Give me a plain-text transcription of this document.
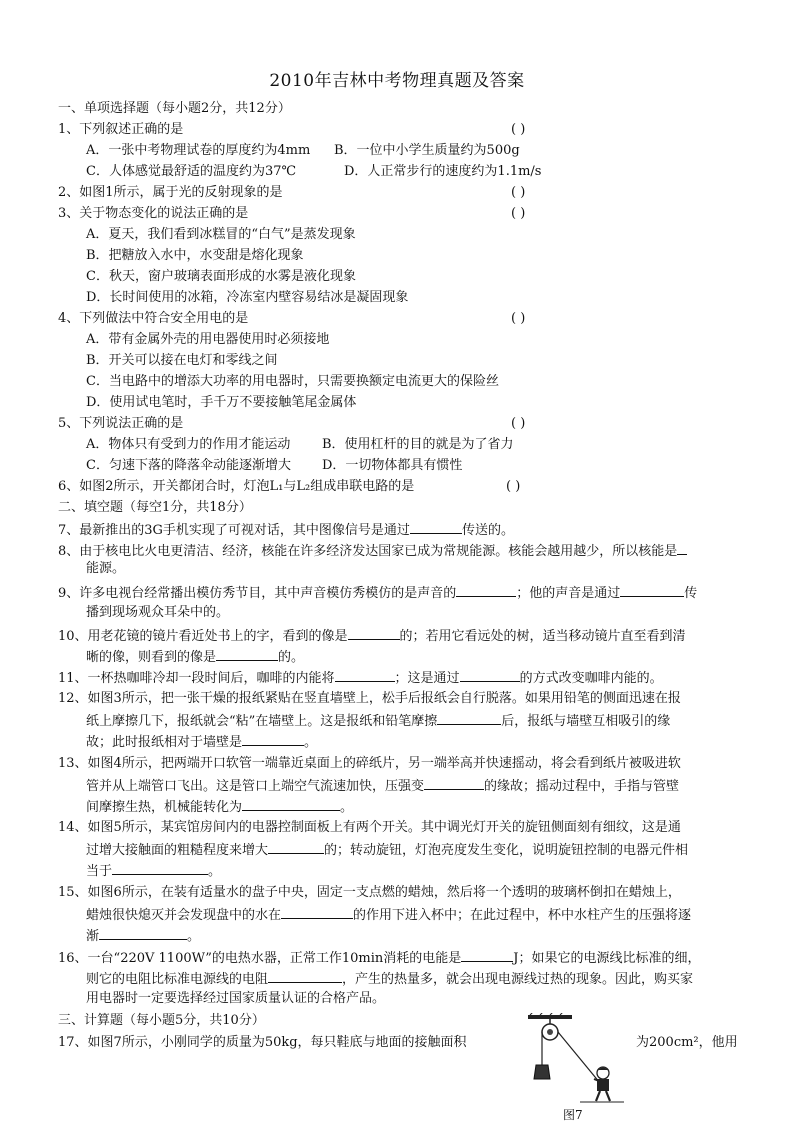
2010年吉林中考物理真题及答案
一、单项选择题（每小题2分，共12分）
1、下列叙述正确的是	( )
A．一张中考物理试卷的厚度约为4mm B．一位中小学生质量约为500g
C．人体感觉最舒适的温度约为37℃	D．人正常步行的速度约为1.1m/s
2、如图1所示，属于光的反射现象的是	( )
3、关于物态变化的说法正确的是	( )
A．夏天，我们看到冰糕冒的“白气”是蒸发现象
B．把糖放入水中，水变甜是熔化现象
C．秋天，窗户玻璃表面形成的水雾是液化现象
D．长时间使用的冰箱，冷冻室内壁容易结冰是凝固现象
4、下列做法中符合安全用电的是	( )
A．带有金属外壳的用电器使用时必须接地
B．开关可以接在电灯和零线之间
C．当电路中的增添大功率的用电器时，只需要换额定电流更大的保险丝
D．使用试电笔时，手千万不要接触笔尾金属体
5、下列说法正确的是	( )
A．物体只有受到力的作用才能运动 B．使用杠杆的目的就是为了省力
C．匀速下落的降落伞动能逐渐增大 D．一切物体都具有惯性
6、如图2所示，开关都闭合时，灯泡L₁与L₂组成串联电路的是	( )
二、填空题（每空1分，共18分）
7、最新推出的3G手机实现了可视对话，其中图像信号是通过	传送的。
8、由于核电比火电更清洁、经济，核能在许多经济发达国家已成为常规能源。核能会越用越少，所以核能是
能源。
9、许多电视台经常播出模仿秀节目，其中声音模仿秀模仿的是声音的	；他的声音是通过	传
播到现场观众耳朵中的。
10、用老花镜的镜片看近处书上的字，看到的像是	的；若用它看远处的树，适当移动镜片直至看到清
晰的像，则看到的像是	的。
11、一杯热咖啡冷却一段时间后，咖啡的内能将	；这是通过	的方式改变咖啡内能的。
12、如图3所示，把一张干燥的报纸紧贴在竖直墙壁上，松手后报纸会自行脱落。如果用铅笔的侧面迅速在报
纸上摩擦几下，报纸就会“粘”在墙壁上。这是报纸和铅笔摩擦	后，报纸与墙壁互相吸引的缘
故；此时报纸相对于墙壁是	。
13、如图4所示，把两端开口软管一端靠近桌面上的碎纸片，另一端举高并快速摇动，将会看到纸片被吸进软
管并从上端管口飞出。这是管口上端空气流速加快，压强变	的缘故；摇动过程中，手指与管壁
间摩擦生热，机械能转化为	。
14、如图5所示，某宾馆房间内的电器控制面板上有两个开关。其中调光灯开关的旋钮侧面刻有细纹，这是通
过增大接触面的粗糙程度来增大	的；转动旋钮，灯泡亮度发生变化，说明旋钮控制的电器元件相
当于	。
15、如图6所示，在装有适量水的盘子中央，固定一支点燃的蜡烛，然后将一个透明的玻璃杯倒扣在蜡烛上，
蜡烛很快熄灭并会发现盘中的水在	的作用下进入杯中；在此过程中，杯中水柱产生的压强将逐
渐	。
16、一台“220V 1100W”的电热水器，正常工作10min消耗的电能是	J；如果它的电源线比标准的细，
则它的电阻比标准电源线的电阻	，产生的热量多，就会出现电源线过热的现象。因此，购买家
用电器时一定要选择经过国家质量认证的合格产品。
三、计算题（每小题5分，共10分）
17、如图7所示，小刚同学的质量为50kg，每只鞋底与地面的接触面积	为200cm²，他用
图7
